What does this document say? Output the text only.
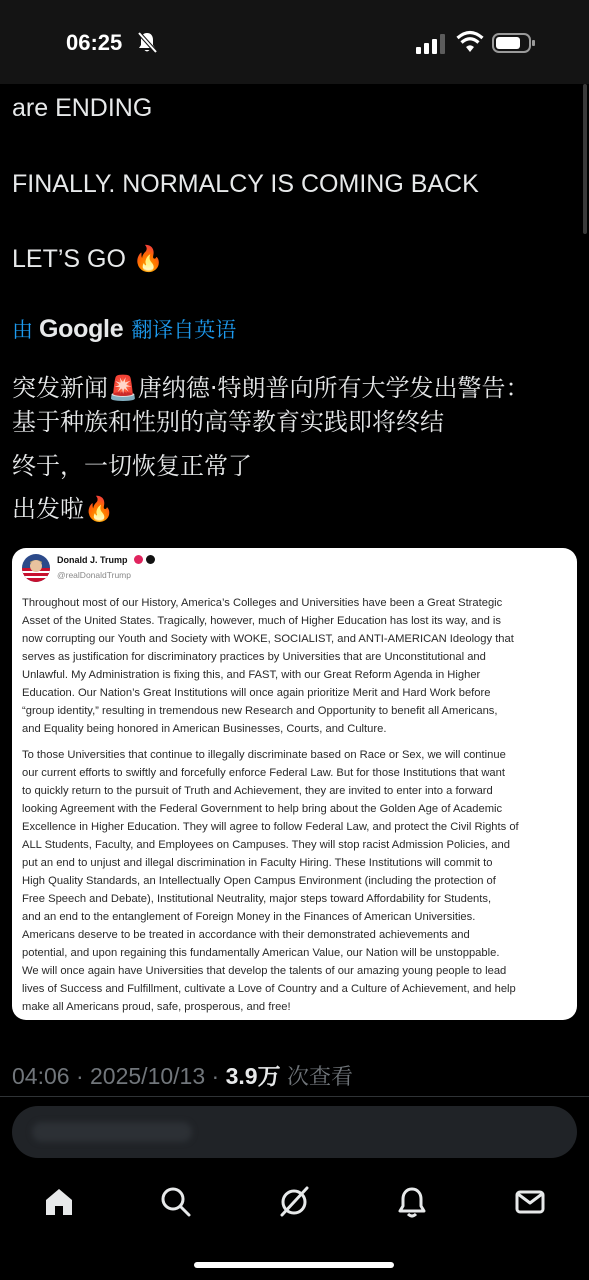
06:25
are ENDING
FINALLY. NORMALCY IS COMING BACK
LET’S GO 🔥
由 Google 翻译自英语
突发新闻🚨唐纳德·特朗普向所有大学发出警告：
基于种族和性别的高等教育实践即将终结
终于，一切恢复正常了
出发啦🔥
Donald J. Trump
@realDonaldTrump
Throughout most of our History, America’s Colleges and Universities have been a Great Strategic
Asset of the United States. Tragically, however, much of Higher Education has lost its way, and is
now corrupting our Youth and Society with WOKE, SOCIALIST, and ANTI-AMERICAN Ideology that
serves as justification for discriminatory practices by Universities that are Unconstitutional and
Unlawful. My Administration is fixing this, and FAST, with our Great Reform Agenda in Higher
Education. Our Nation’s Great Institutions will once again prioritize Merit and Hard Work before
“group identity,” resulting in tremendous new Research and Opportunity to benefit all Americans,
and Equality being honored in American Businesses, Courts, and Culture.
To those Universities that continue to illegally discriminate based on Race or Sex, we will continue
our current efforts to swiftly and forcefully enforce Federal Law. But for those Institutions that want
to quickly return to the pursuit of Truth and Achievement, they are invited to enter into a forward
looking Agreement with the Federal Government to help bring about the Golden Age of Academic
Excellence in Higher Education. They will agree to follow Federal Law, and protect the Civil Rights of
ALL Students, Faculty, and Employees on Campuses. They will stop racist Admission Policies, and
put an end to unjust and illegal discrimination in Faculty Hiring. These Institutions will commit to
High Quality Standards, an Intellectually Open Campus Environment (including the protection of
Free Speech and Debate), Institutional Neutrality, major steps toward Affordability for Students,
and an end to the entanglement of Foreign Money in the Finances of American Universities.
Americans deserve to be treated in accordance with their demonstrated achievements and
potential, and upon regaining this fundamentally American Value, our Nation will be unstoppable.
We will once again have Universities that develop the talents of our amazing young people to lead
lives of Success and Fulfillment, cultivate a Love of Country and a Culture of Achievement, and help
make all Americans proud, safe, prosperous, and free!
04:06 · 2025/10/13 · 3.9万 次查看
